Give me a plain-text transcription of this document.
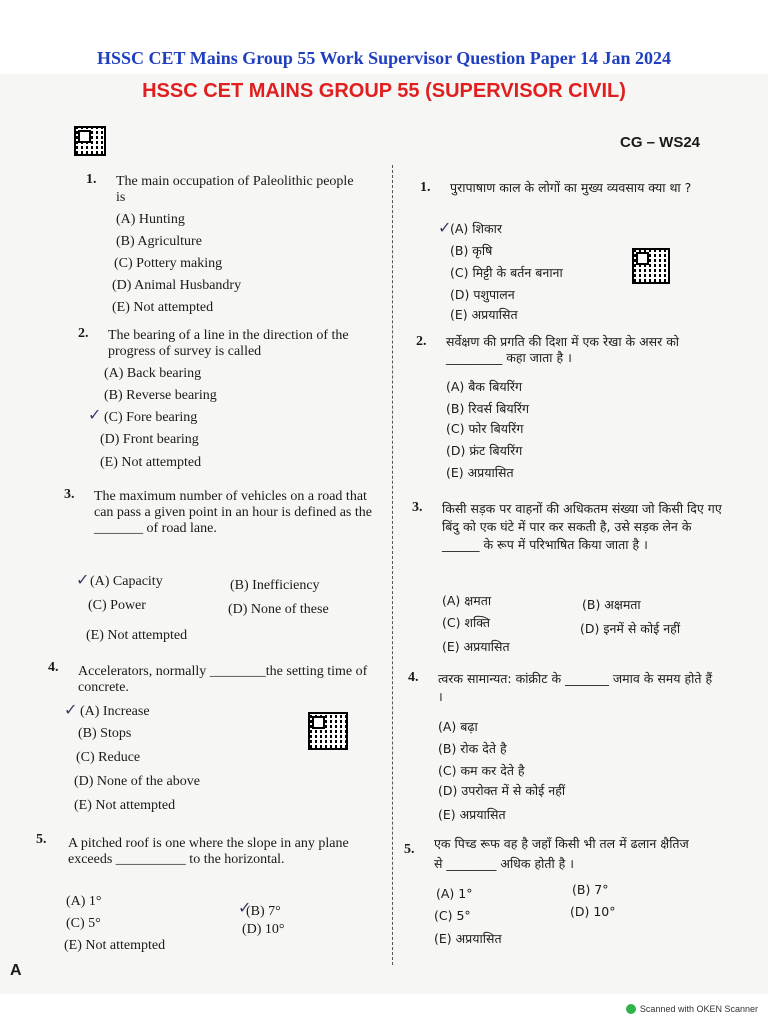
HSSC CET Mains Group 55 Work Supervisor Question Paper 14 Jan 2024
HSSC CET MAINS GROUP 55 (SUPERVISOR CIVIL)
CG – WS24
1. The main occupation of Paleolithic people is
(A) Hunting
(B) Agriculture
(C) Pottery making
(D) Animal Husbandry
(E) Not attempted
2. The bearing of a line in the direction of the progress of survey is called
(A) Back bearing
(B) Reverse bearing
(C) Fore bearing
✓
(D) Front bearing
(E) Not attempted
3. The maximum number of vehicles on a road that can pass a given point in an hour is defined as the _______ of road lane.
(A) Capacity
✓	(B) Inefficiency
(C) Power	(D) None of these
(E) Not attempted
4. Accelerators, normally ________the setting time of concrete.
(A) Increase
✓
(B) Stops
(C) Reduce
(D) None of the above
(E) Not attempted
5. A pitched roof is one where the slope in any plane exceeds __________ to the horizontal.
(A) 1°
(B) 7°
✓
(C) 5°	(D) 10°
(E) Not attempted
1. पुरापाषाण काल के लोगों का मुख्य व्यवसाय क्या था ?
(A) शिकार
✓
(B) कृषि
(C) मिट्टी के बर्तन बनाना
(D) पशुपालन
(E) अप्रयासित
2. सर्वेक्षण की प्रगति की दिशा में एक रेखा के असर को _________ कहा जाता है ।
(A) बैक बियरिंग
(B) रिवर्स बियरिंग
(C) फोर बियरिंग
(D) फ्रंट बियरिंग
(E) अप्रयासित
3. किसी सड़क पर वाहनों की अधिकतम संख्या जो किसी दिए गए बिंदु को एक घंटे में पार कर सकती है, उसे सड़क लेन के ______ के रूप में परिभाषित किया जाता है ।
(A) क्षमता	(B) अक्षमता
(C) शक्ति	(D) इनमें से कोई नहीं
(E) अप्रयासित
4. त्वरक सामान्यत: कांक्रीट के _______ जमाव के समय होते हैं ।
(A) बढ़ा
(B) रोक देते है
(C) कम कर देते है
(D) उपरोक्त में से कोई नहीं
(E) अप्रयासित
5. एक पिच्ड रूफ वह है जहाँ किसी भी तल में ढलान क्षैतिज से ________ अधिक होती है ।
(A) 1°	(B) 7°
(C) 5°	(D) 10°
(E) अप्रयासित
A
Scanned with OKEN Scanner
